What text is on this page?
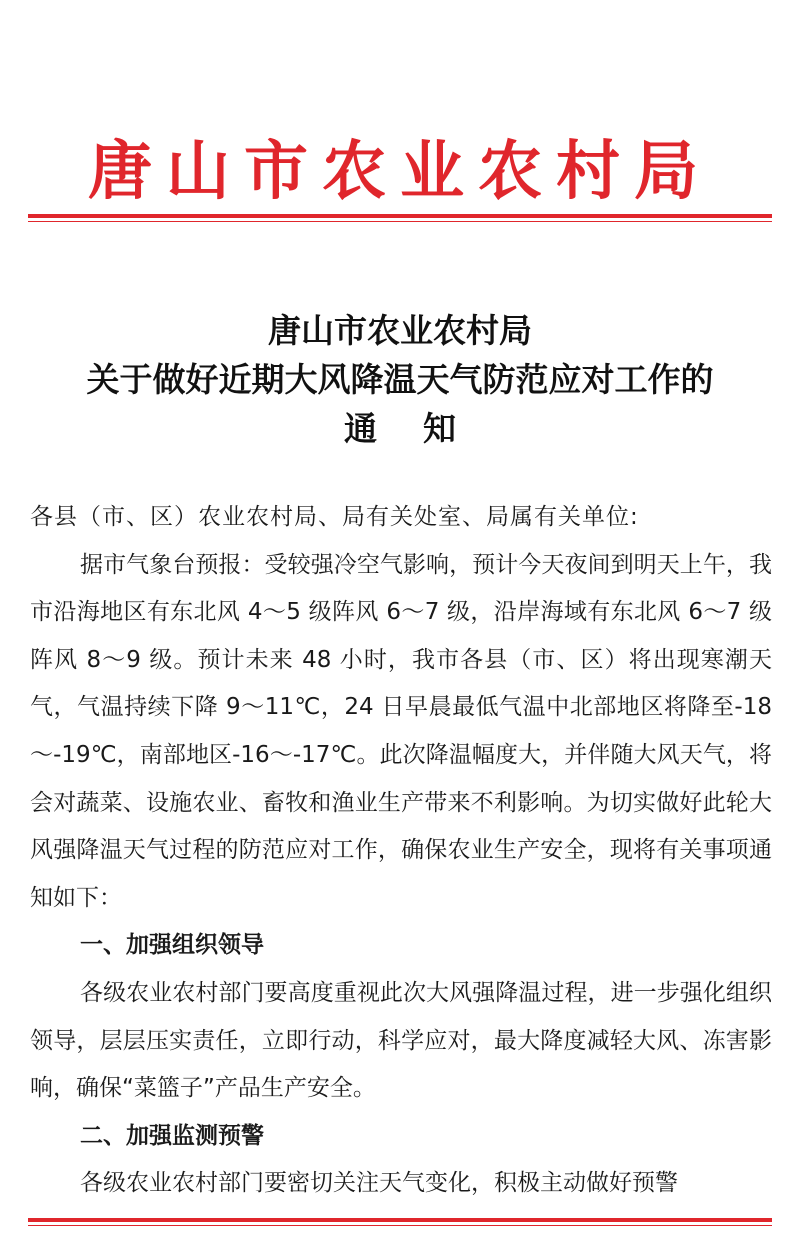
唐山市农业农村局
唐山市农业农村局
关于做好近期大风降温天气防范应对工作的
通知

各县（市、区）农业农村局、局有关处室、局属有关单位:

据市气象台预报：受较强冷空气影响，预计今天夜间到明天上午，我市沿海地区有东北风 4～5 级阵风 6～7 级，沿岸海域有东北风 6～7 级阵风 8～9 级。预计未来 48 小时，我市各县（市、区）将出现寒潮天气，气温持续下降 9～11℃，24 日早晨最低气温中北部地区将降至-18～-19℃，南部地区-16～-17℃。此次降温幅度大，并伴随大风天气，将会对蔬菜、设施农业、畜牧和渔业生产带来不利影响。为切实做好此轮大风强降温天气过程的防范应对工作，确保农业生产安全，现将有关事项通知如下：

一、加强组织领导

各级农业农村部门要高度重视此次大风强降温过程，进一步强化组织领导，层层压实责任，立即行动，科学应对，最大降度减轻大风、冻害影响，确保“菜篮子”产品生产安全。

二、加强监测预警

各级农业农村部门要密切关注天气变化，积极主动做好预警
